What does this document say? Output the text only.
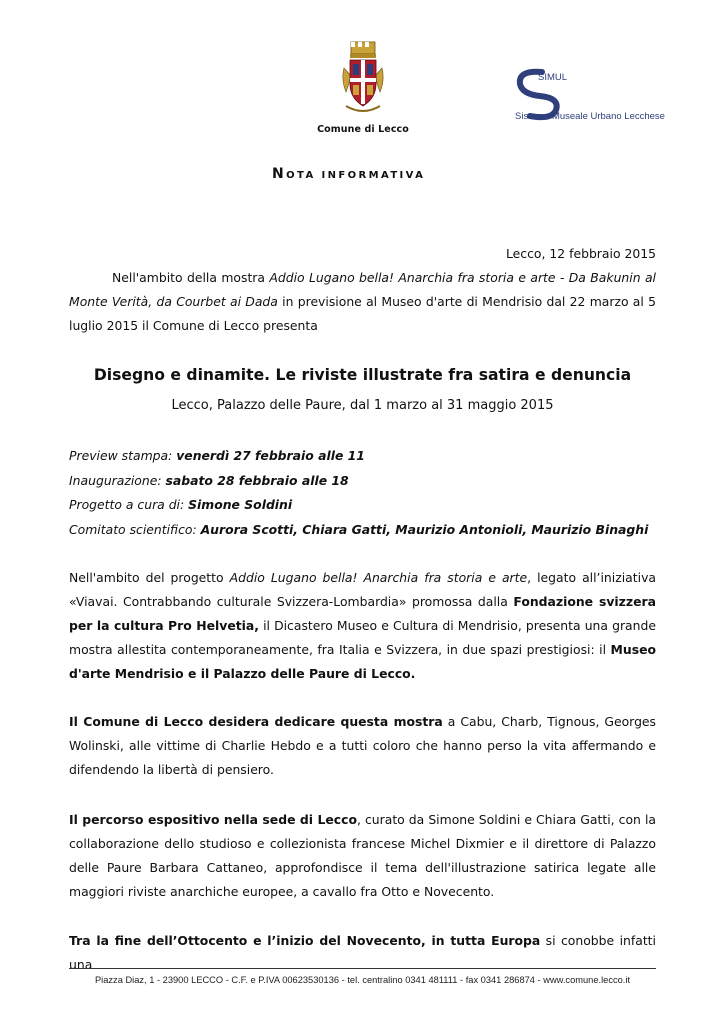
Comune di Lecco
SIMUL
Sistema Museale Urbano Lecchese
NOTA INFORMATIVA
Lecco, 12 febbraio 2015
Nell'ambito della mostra Addio Lugano bella! Anarchia fra storia e arte - Da Bakunin al Monte Verità, da Courbet ai Dada in previsione al Museo d'arte di Mendrisio dal 22 marzo al 5 luglio 2015 il Comune di Lecco presenta
Disegno e dinamite. Le riviste illustrate fra satira e denuncia
Lecco, Palazzo delle Paure, dal 1 marzo al 31 maggio 2015
Preview stampa: venerdì 27 febbraio alle 11
Inaugurazione: sabato 28 febbraio alle 18
Progetto a cura di: Simone Soldini
Comitato scientifico: Aurora Scotti, Chiara Gatti, Maurizio Antonioli, Maurizio Binaghi
Nell'ambito del progetto Addio Lugano bella! Anarchia fra storia e arte, legato all’iniziativa «Viavai. Contrabbando culturale Svizzera-Lombardia» promossa dalla Fondazione svizzera per la cultura Pro Helvetia, il Dicastero Museo e Cultura di Mendrisio, presenta una grande mostra allestita contemporaneamente, fra Italia e Svizzera, in due spazi prestigiosi: il Museo d'arte Mendrisio e il Palazzo delle Paure di Lecco.
Il Comune di Lecco desidera dedicare questa mostra a Cabu, Charb, Tignous, Georges Wolinski, alle vittime di Charlie Hebdo e a tutti coloro che hanno perso la vita affermando e difendendo la libertà di pensiero.
Il percorso espositivo nella sede di Lecco, curato da Simone Soldini e Chiara Gatti, con la collaborazione dello studioso e collezionista francese Michel Dixmier e il direttore di Palazzo delle Paure Barbara Cattaneo, approfondisce il tema dell'illustrazione satirica legate alle maggiori riviste anarchiche europee, a cavallo fra Otto e Novecento.
Tra la fine dell’Ottocento e l’inizio del Novecento, in tutta Europa si conobbe infatti una
Piazza Diaz, 1 - 23900 LECCO - C.F. e P.IVA 00623530136 - tel. centralino 0341 481111 - fax 0341 286874 - www.comune.lecco.it
